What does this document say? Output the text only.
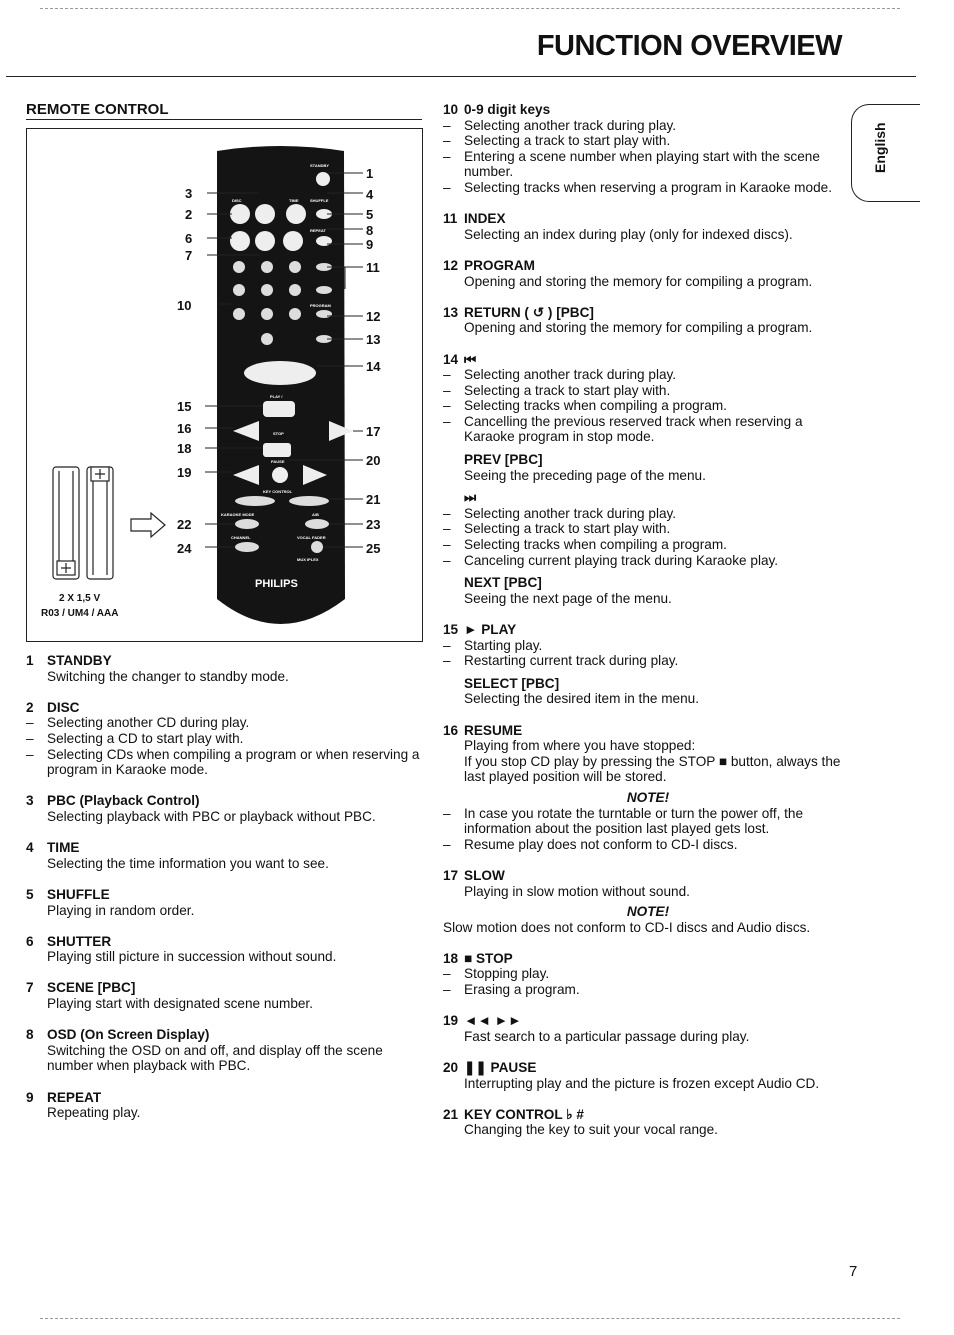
FUNCTION OVERVIEW
English
REMOTE CONTROL
STANDBY
DISC	TIME	SHUFFLE
REPEAT
PROGRAM
PLAY /
STOP
PAUSE
KEY CONTROL
KARAOKE MODE	A/B
CHANNEL	VOCAL FADER
MUX IPLEX
PHILIPS
1
3
2
4
5
6
7
8
9
10
11
12
13
14
15
16	17
18
19
20
21
22	23
24	25
2 X 1,5 V
R03 / UM4 / AAA
1 STANDBY
Switching the changer to standby mode.
2 DISC
– Selecting another CD during play.
– Selecting a CD to start play with.
– Selecting CDs when compiling a program or when reserving a program in Karaoke mode.
3 PBC (Playback Control)
Selecting playback with PBC or playback without PBC.
4 TIME
Selecting the time information you want to see.
5 SHUFFLE
Playing in random order.
6 SHUTTER
Playing still picture in succession without sound.
7 SCENE [PBC]
Playing start with designated scene number.
8 OSD (On Screen Display)
Switching the OSD on and off, and display off the scene number when playback with PBC.
9 REPEAT
Repeating play.
10 0-9 digit keys
– Selecting another track during play.
– Selecting a track to start play with.
– Entering a scene number when playing start with the scene number.
– Selecting tracks when reserving a program in Karaoke mode.
11 INDEX
Selecting an index during play (only for indexed discs).
12 PROGRAM
Opening and storing the memory for compiling a program.
13 RETURN ( ↺ ) [PBC]
Opening and storing the memory for compiling a program.
14 ⏮
– Selecting another track during play.
– Selecting a track to start play with.
– Selecting tracks when compiling a program.
– Cancelling the previous reserved track when reserving a Karaoke program in stop mode.
PREV [PBC]
Seeing the preceding page of the menu.
⏭
– Selecting another track during play.
– Selecting a track to start play with.
– Selecting tracks when compiling a program.
– Canceling current playing track during Karaoke play.
NEXT [PBC]
Seeing the next page of the menu.
15 ► PLAY
– Starting play.
– Restarting current track during play.
SELECT [PBC]
Selecting the desired item in the menu.
16 RESUME
Playing from where you have stopped:
If you stop CD play by pressing the STOP ■ button, always the last played position will be stored.
NOTE!
– In case you rotate the turntable or turn the power off, the information about the position last played gets lost.
– Resume play does not conform to CD-I discs.
17 SLOW
Playing in slow motion without sound.
NOTE!
Slow motion does not conform to CD-I discs and Audio discs.
18 ■ STOP
– Stopping play.
– Erasing a program.
19 ◄◄ ►►
Fast search to a particular passage during play.
20 ❚❚ PAUSE
Interrupting play and the picture is frozen except Audio CD.
21 KEY CONTROL ♭ #
Changing the key to suit your vocal range.
7
